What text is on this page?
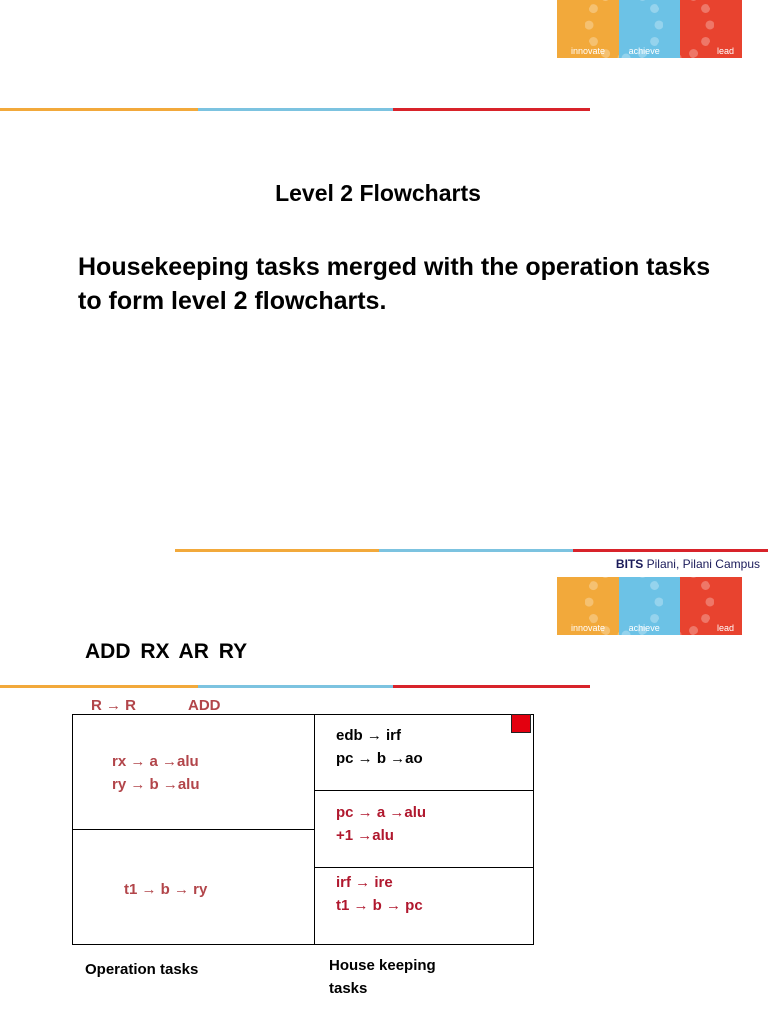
innovate	achieve	lead
Level 2 Flowcharts
Housekeeping tasks merged with the operation tasks to form level 2 flowcharts.
BITS Pilani, Pilani Campus
innovate	achieve	lead
ADD RX AR RY
R → R	ADD
rx → a →alu
ry → b →alu
t1 → b → ry
edb → irf
pc → b →ao
pc → a →alu
+1 →alu
irf → ire
t1 → b → pc
Operation tasks	House keeping
tasks
